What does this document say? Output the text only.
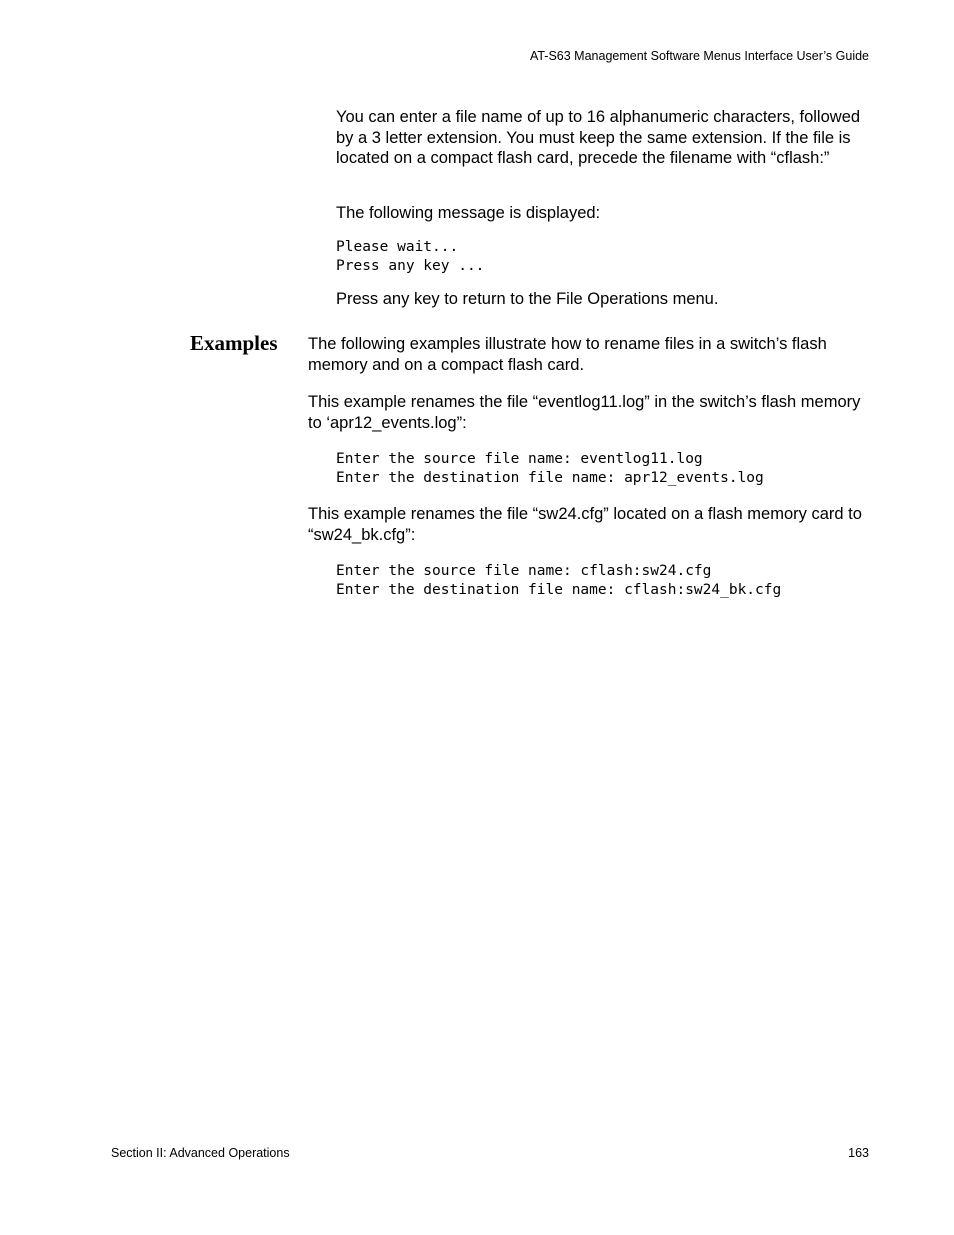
AT-S63 Management Software Menus Interface User’s Guide

You can enter a file name of up to 16 alphanumeric characters, followed by a 3 letter extension. You must keep the same extension. If the file is located on a compact flash card, precede the filename with “cflash:”

The following message is displayed:

Please wait...
Press any key ...

Press any key to return to the File Operations menu.

Examples The following examples illustrate how to rename files in a switch’s flash memory and on a compact flash card.

This example renames the file “eventlog11.log” in the switch’s flash memory to ‘apr12_events.log”:

Enter the source file name: eventlog11.log
Enter the destination file name: apr12_events.log

This example renames the file “sw24.cfg” located on a flash memory card to “sw24_bk.cfg”:

Enter the source file name: cflash:sw24.cfg
Enter the destination file name: cflash:sw24_bk.cfg
Section II: Advanced Operations	163
